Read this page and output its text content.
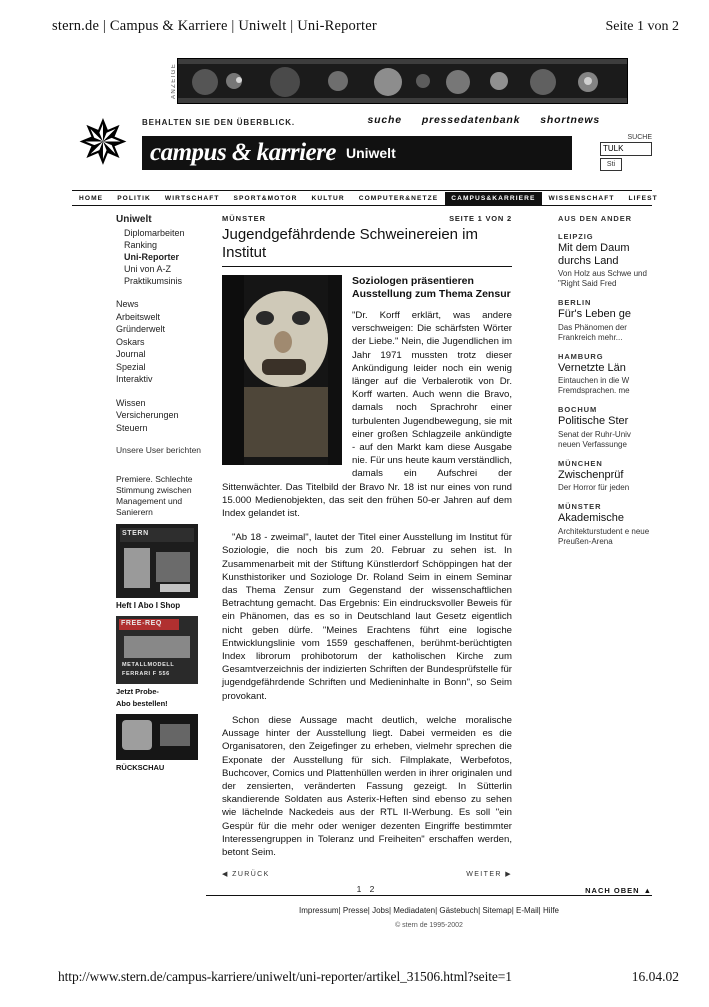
stern.de | Campus & Karriere | Uniwelt | Uni-Reporter	Seite 1 von 2
ANZEIGE
✵	BEHALTEN SIE DEN ÜBERBLICK.	suche pressedatenbank shortnews
campus & karriere Uniwelt
SUCHE
TULK
Sti
HOME	POLITIK	WIRTSCHAFT	SPORT&MOTOR	KULTUR	COMPUTER&NETZE	CAMPUS&KARRIERE	WISSENSCHAFT	LIFEST
Uniwelt
Diplomarbeiten
Ranking
Uni-Reporter
Uni von A-Z
Praktikumsinis
News
Arbeitswelt
Gründerwelt
Oskars
Journal
Spezial
Interaktiv
Wissen
Versicherungen
Steuern
Unsere User berichten
Premiere. Schlechte Stimmung zwischen Management und Sanierern
STERN
Heft I Abo I Shop
FREE-REQ
METALLMODELL
FERRARI F 556
Jetzt Probe-
Abo bestellen!
RÜCKSCHAU
MÜNSTER	SEITE 1 VON 2
Jugendgefährdende Schweinereien im Institut
Soziologen präsentieren Ausstellung zum Thema Zensur

"Dr. Korff erklärt, was andere verschweigen: Die schärfsten Wörter der Liebe." Nein, die Jugendlichen im Jahr 1971 mussten trotz dieser Ankündigung leider noch ein wenig länger auf die Verbalerotik von Dr. Korff warten. Auch wenn die Bravo, damals noch Sprachrohr einer turbulenten Jugendbewegung, sie mit einer großen Schlagzeile ankündigte - auf den Markt kam diese Ausgabe nie. Für uns heute kaum verständlich, damals ein Aufschrei der Sittenwächter. Das Titelbild der Bravo Nr. 18 ist nur eines von rund 15.000 Medienobjekten, das seit den frühen 50-er Jahren auf dem Index gelandet ist.

"Ab 18 - zweimal", lautet der Titel einer Ausstellung im Institut für Soziologie, die noch bis zum 20. Februar zu sehen ist. In Zusammenarbeit mit der Stiftung Künstlerdorf Schöppingen hat der Kunsthistoriker und Soziologe Dr. Roland Seim in einem Seminar das Thema Zensur zum Gegenstand der wissenschaftlichen Betrachtung gemacht. Das Ergebnis: Ein eindrucksvoller Beweis für ein Phänomen, das es so in Deutschland laut Gesetz eigentlich nicht geben dürfe. "Meines Erachtens führt eine logische Entwicklungslinie vom 1559 geschaffenen, berühmt-berüchtigten Index librorum prohibotorum der katholischen Kirche zum Gesamtverzeichnis der indizierten Schriften der Bundesprüfstelle für jugendgefährdende Schriften und Medieninhalte in Bonn", so Seim provokant.

Schon diese Aussage macht deutlich, welche moralische Aussage hinter der Ausstellung liegt. Dabei vermeiden es die Organisatoren, den Zeigefinger zu erheben, vielmehr sprechen die Exponate der Ausstellung für sich. Filmplakate, Werbefotos, Buchcover, Comics und Plattenhüllen werden in ihrer originalen und der zensierten, veränderten Fassung gezeigt. In Sütterlin skandierende Soldaten aus Asterix-Heften sind ebenso zu sehen wie lächelnde Nackedeis aus der RTL II-Werbung. Es soll "ein Gespür für die mehr oder weniger dezenten Eingriffe bestimmter Interessengruppen in Toleranz und Freiheiten" erschaffen werden, betont Seim.

◀ ZURÜCK	WEITER ▶
1 2
AUS DEN ANDER
LEIPZIG
Mit dem Daum durchs Land
Von Holz aus Schwe und "Right Said Fred
BERLIN
Für's Leben ge
Das Phänomen der Frankreich mehr...
HAMBURG
Vernetzte Län
Eintauchen in die W Fremdsprachen. me
BOCHUM
Politische Ster
Senat der Ruhr-Univ neuen Verfassunge
MÜNCHEN
Zwischenprüf
Der Horror für jeden
MÜNSTER
Akademische
Architekturstudent e neue Preußen-Arena
NACH OBEN ▲
Impressum| Presse| Jobs| Mediadaten| Gästebuch| Sitemap| E-Mail| Hilfe
© stern de 1995-2002
http://www.stern.de/campus-karriere/uniwelt/uni-reporter/artikel_31506.html?seite=1	16.04.02
